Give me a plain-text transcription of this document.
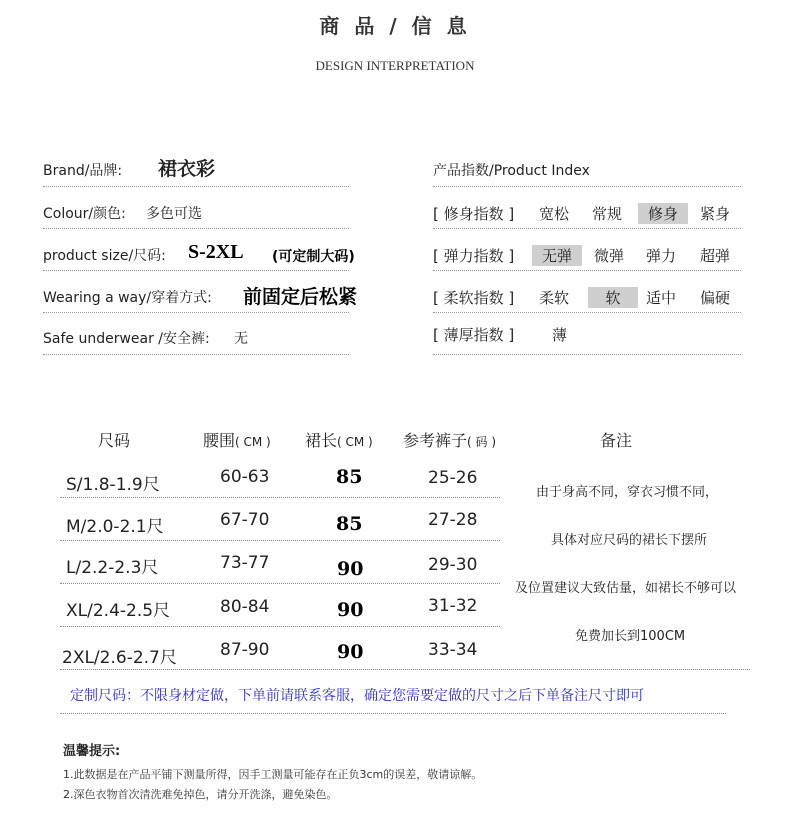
商 品 / 信 息
DESIGN INTERPRETATION
Brand/品牌: 裙衣彩
Colour/颜色: 多色可选
product size/尺码: S-2XL (可定制大码)
Wearing a way/穿着方式: 前固定后松紧
Safe underwear /安全裤: 无
产品指数/Product Index
[ 修身指数 ] 宽松 常规	修身	紧身
[ 弹力指数 ]	无弹	微弹 弹力 超弹
[ 柔软指数 ] 柔软	软	适中 偏硬
[ 薄厚指数 ]	薄
尺码	腰围( CM ) 裙长( CM ) 参考裤子( 码 )	备注
S/1.8-1.9尺	60-63	85	25-26
M/2.0-2.1尺	67-70	85	27-28
L/2.2-2.3尺	73-77	90	29-30
XL/2.4-2.5尺	80-84	90	31-32
2XL/2.6-2.7尺	87-90	90	33-34
由于身高不同，穿衣习惯不同，
具体对应尺码的裙长下摆所
及位置建议大致估量，如裙长不够可以
免费加长到100CM
定制尺码：不限身材定做，下单前请联系客服，确定您需要定做的尺寸之后下单备注尺寸即可
温馨提示:
1.此数据是在产品平铺下测量所得，因手工测量可能存在正负3cm的误差，敬请谅解。
2.深色衣物首次清洗难免掉色，请分开洗涤，避免染色。
